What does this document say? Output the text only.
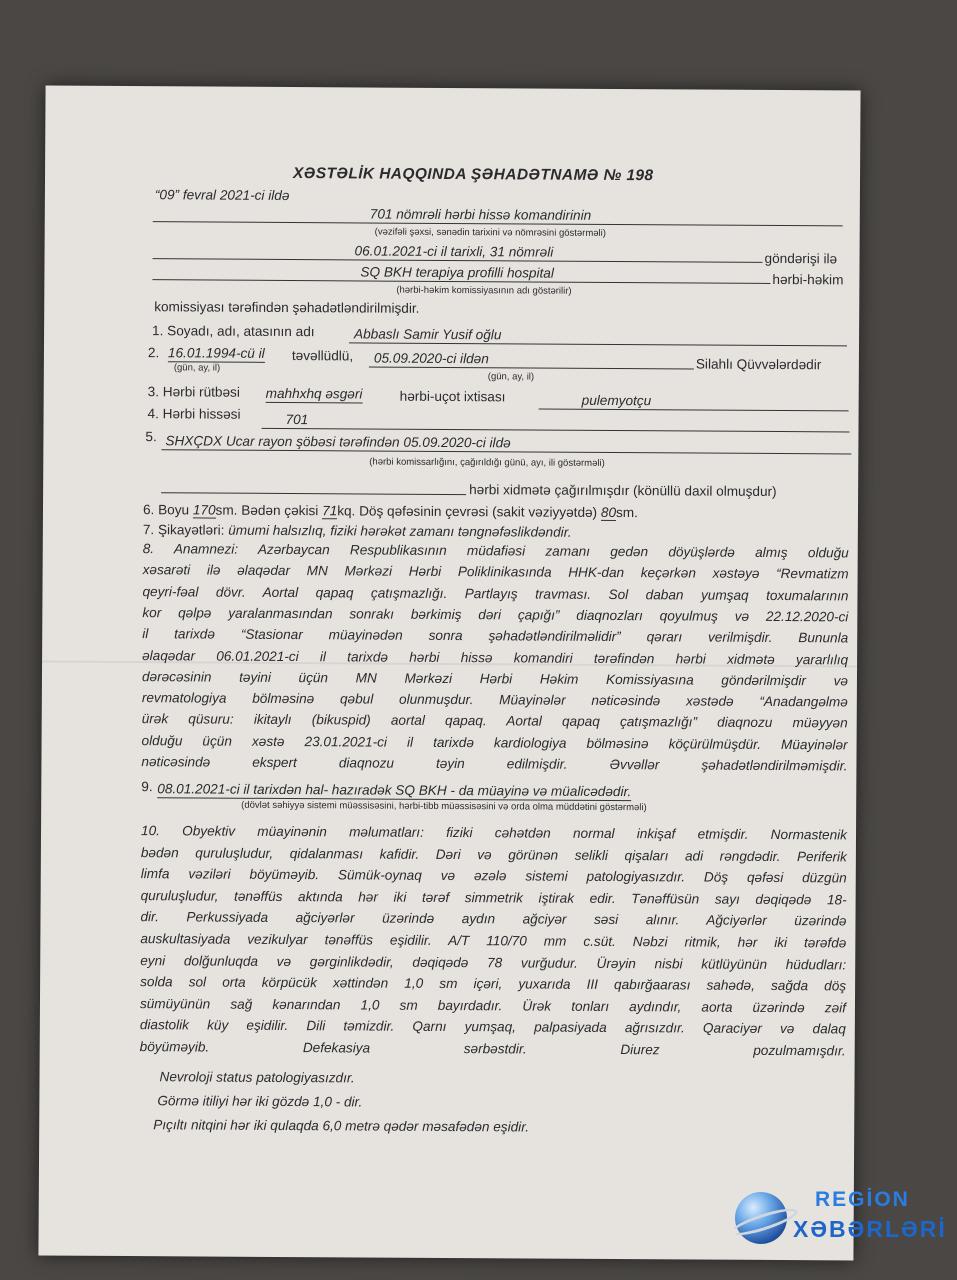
XƏSTƏLİK HAQQINDA ŞƏHADƏTNAMƏ № 198
“09” fevral 2021-ci ildə
701 nömrəli hərbi hissə komandirinin
(vəzifəli şəxsi, sənədin tarixini və nömrəsini göstərməli)
06.01.2021-ci il tarixli, 31 nömrəli	göndərişi ilə
SQ BKH terapiya profilli hospital	hərbi-həkim
(hərbi-həkim komissiyasının adı göstərilir)
komissiyası tərəfindən şəhadətləndirilmişdir.
1. Soyadı, adı, atasının adı	Abbaslı Samir Yusif oğlu
2. 16.01.1994-cü il təvəllüdlü, 05.09.2020-ci ildən	Silahlı Qüvvələrdədir
(gün, ay, il)
(gün, ay, il)
3. Hərbi rütbəsi mahhxhq əsgəri	hərbi-uçot ixtisası	pulemyotçu
4. Hərbi hissəsi	701
5. SHXÇDX Ucar rayon şöbəsi tərəfindən 05.09.2020-ci ildə
(hərbi komissarlığını, çağırıldığı günü, ayı, ili göstərməli)
hərbi xidmətə çağırılmışdır (könüllü daxil olmuşdur)
6. Boyu 170sm. Bədən çəkisi 71kq. Döş qəfəsinin çevrəsi (sakit vəziyyətdə) 80sm.
7. Şikayətləri: ümumi halsızlıq, fiziki hərəkət zamanı təngnəfəslikdəndir.
8. Anamnezi: Azərbaycan Respublikasının müdafiəsi zamanı gedən döyüşlərdə almış olduğu
xəsarəti ilə əlaqədar MN Mərkəzi Hərbi Poliklinikasında HHK-dan keçərkən xəstəyə “Revmatizm
qeyri-fəal dövr. Aortal qapaq çatışmazlığı. Partlayış travması. Sol daban yumşaq toxumalarının
kor qəlpə yaralanmasından sonrakı bərkimiş dəri çapığı” diaqnozları qoyulmuş və 22.12.2020-ci
il tarixdə “Stasionar müayinədən sonra şəhadətləndirilməlidir” qərarı verilmişdir. Bununla
əlaqədar 06.01.2021-ci il tarixdə hərbi hissə komandiri tərəfindən hərbi xidmətə yararlılıq
dərəcəsinin təyini üçün MN Mərkəzi Hərbi Həkim Komissiyasına göndərilmişdir və
revmatologiya bölməsinə qəbul olunmuşdur. Müayinələr nəticəsində xəstədə “Anadangəlmə
ürək qüsuru: ikitaylı (bikuspid) aortal qapaq. Aortal qapaq çatışmazlığı” diaqnozu müəyyən
olduğu üçün xəstə 23.01.2021-ci il tarixdə kardiologiya bölməsinə köçürülmüşdür. Müayinələr
nəticəsində ekspert diaqnozu təyin edilmişdir. Əvvəllər şəhadətləndirilməmişdir.
9. 08.01.2021-ci il tarixdən hal- hazıradək SQ BKH - da müayinə və müalicədədir.
(dövlət səhiyyə sistemi müəssisəsini, hərbi-tibb müəssisəsini və orda olma müddətini göstərməli)
10. Obyektiv müayinənin məlumatları: fiziki cəhətdən normal inkişaf etmişdir. Normastenik
bədən quruluşludur, qidalanması kafidir. Dəri və görünən selikli qişaları adi rəngdədir. Periferik
limfa vəziləri böyüməyib. Sümük-oynaq və əzələ sistemi patologiyasızdır. Döş qəfəsi düzgün
quruluşludur, tənəffüs aktında hər iki tərəf simmetrik iştirak edir. Tənəffüsün sayı dəqiqədə 18-
dir. Perkussiyada ağciyərlər üzərində aydın ağciyər səsi alınır. Ağciyərlər üzərində
auskultasiyada vezikulyar tənəffüs eşidilir. A/T 110/70 mm c.süt. Nəbzi ritmik, hər iki tərəfdə
eyni dolğunluqda və gərginlikdədir, dəqiqədə 78 vurğudur. Ürəyin nisbi kütlüyünün hüdudları:
solda sol orta körpücük xəttindən 1,0 sm içəri, yuxarıda III qabırğaarası sahədə, sağda döş
sümüyünün sağ kənarından 1,0 sm bayırdadır. Ürək tonları aydındır, aorta üzərində zəif
diastolik küy eşidilir. Dili təmizdir. Qarnı yumşaq, palpasiyada ağrısızdır. Qaraciyər və dalaq
böyüməyib. Defekasiya sərbəstdir. Diurez pozulmamışdır.
Nevroloji status patologiyasızdır.
Görmə itiliyi hər iki gözdə 1,0 - dir.
Pıçıltı nitqini hər iki qulaqda 6,0 metrə qədər məsafədən eşidir.
REGİON
XƏBƏRLƏRİ
